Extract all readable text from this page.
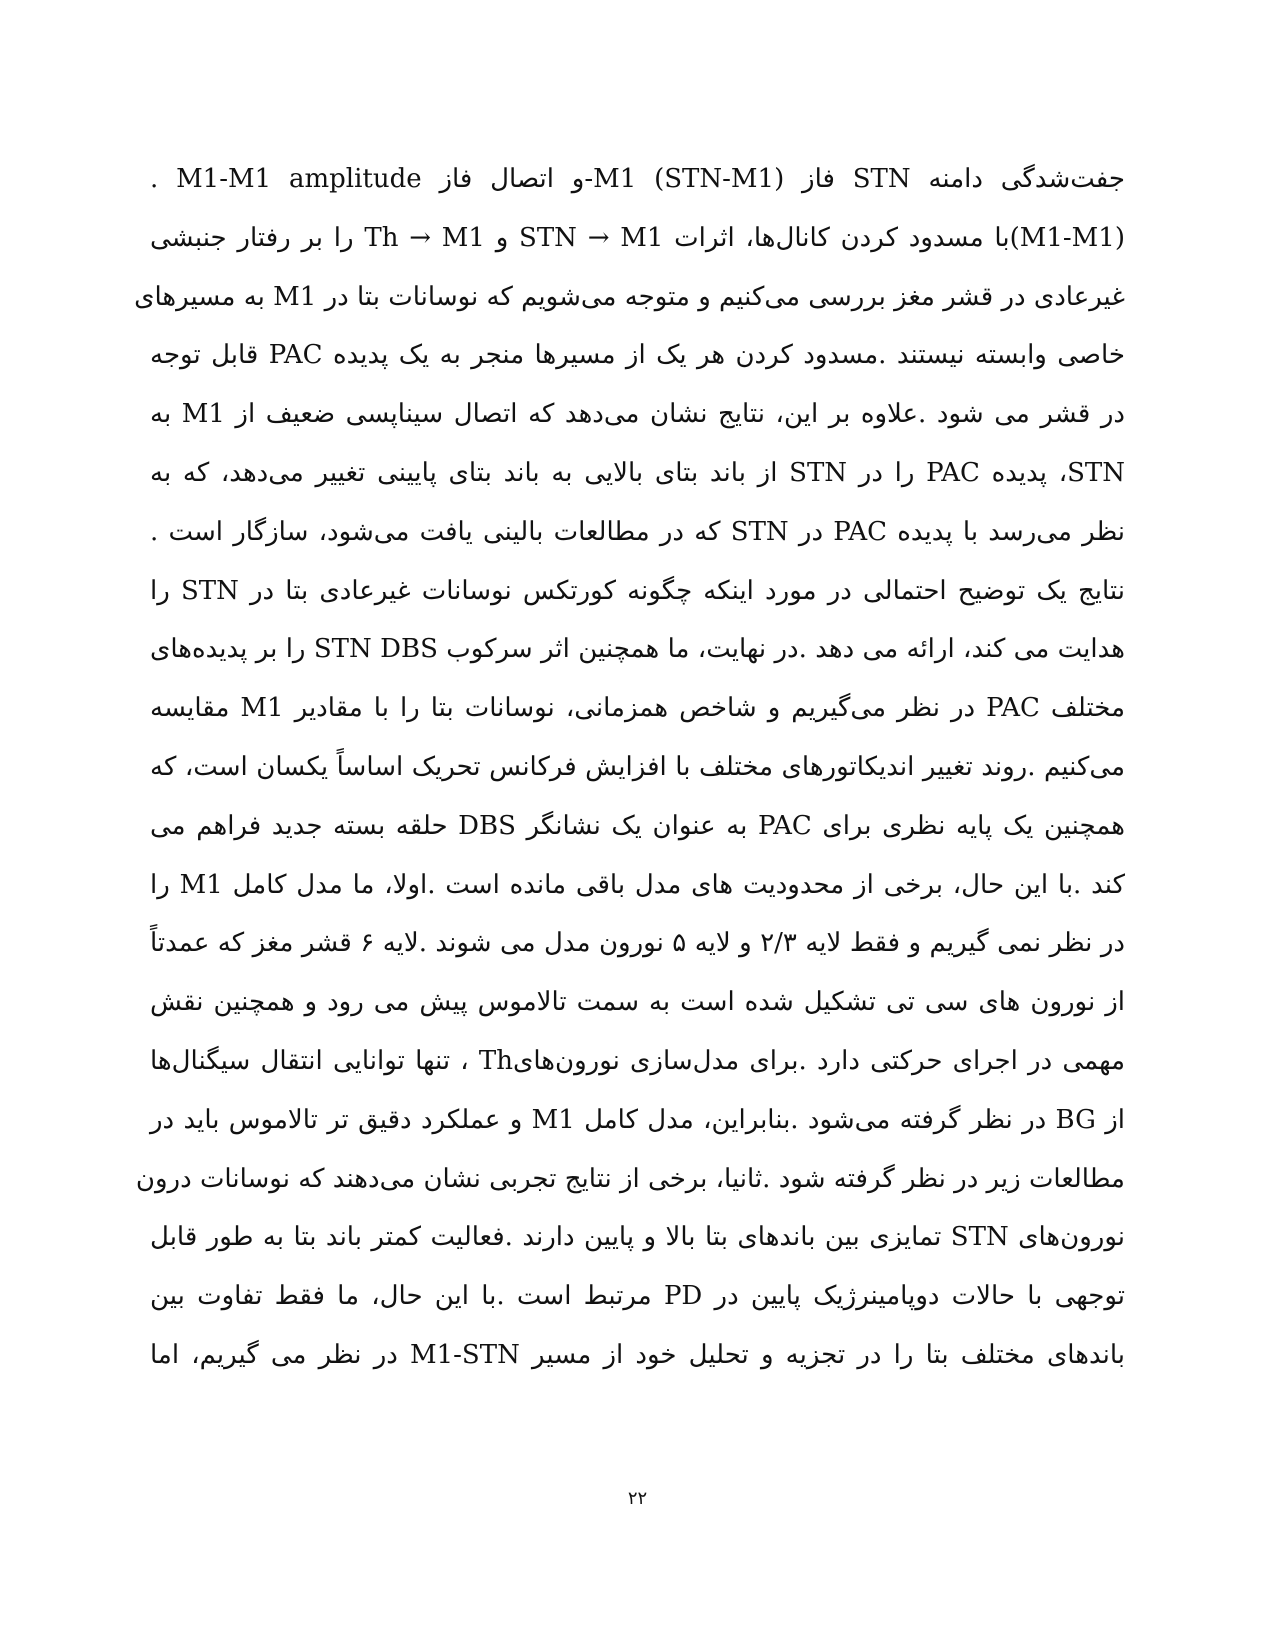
جفت‌شدگی دامنه STN فاز (STN-M1) M1-و اتصال فاز M1-M1 amplitude .
(M1-M1)با مسدود کردن کانال‌ها، اثرات STN → M1 و Th → M1 را بر رفتار جنبشی
غیرعادی در قشر مغز بررسی می‌کنیم و متوجه می‌شویم که نوسانات بتا در M1 به مسیرهای
خاصی وابسته نیستند .مسدود کردن هر یک از مسیرها منجر به یک پدیده PAC قابل توجه
در قشر می شود .علاوه بر این، نتایج نشان می‌دهد که اتصال سیناپسی ضعیف از M1 به
STN، پدیده PAC را در STN از باند بتای بالایی به باند بتای پایینی تغییر می‌دهد، که به
نظر می‌رسد با پدیده PAC در STN که در مطالعات بالینی یافت می‌شود، سازگار است .
نتایج یک توضیح احتمالی در مورد اینکه چگونه کورتکس نوسانات غیرعادی بتا در STN را
هدایت می کند، ارائه می دهد .در نهایت، ما همچنین اثر سرکوب STN DBS را بر پدیده‌های
مختلف PAC در نظر می‌گیریم و شاخص همزمانی، نوسانات بتا را با مقادیر M1 مقایسه
می‌کنیم .روند تغییر اندیکاتورهای مختلف با افزایش فرکانس تحریک اساساً یکسان است، که
همچنین یک پایه نظری برای PAC به عنوان یک نشانگر DBS حلقه بسته جدید فراهم می
کند .با این حال، برخی از محدودیت های مدل باقی مانده است .اولا، ما مدل کامل M1 را
در نظر نمی گیریم و فقط لایه ۲/۳ و لایه ۵ نورون مدل می شوند .لایه ۶ قشر مغز که عمدتاً
از نورون های سی تی تشکیل شده است به سمت تالاموس پیش می رود و همچنین نقش
مهمی در اجرای حرکتی دارد .برای مدل‌سازی نورون‌هایTh ، تنها توانایی انتقال سیگنال‌ها
از BG در نظر گرفته می‌شود .بنابراین، مدل کامل M1 و عملکرد دقیق تر تالاموس باید در
مطالعات زیر در نظر گرفته شود .ثانیا، برخی از نتایج تجربی نشان می‌دهند که نوسانات درون
نورون‌های STN تمایزی بین باندهای بتا بالا و پایین دارند .فعالیت کمتر باند بتا به طور قابل
توجهی با حالات دوپامینرژیک پایین در PD مرتبط است .با این حال، ما فقط تفاوت بین
باندهای مختلف بتا را در تجزیه و تحلیل خود از مسیر M1-STN در نظر می گیریم، اما
۲۲
